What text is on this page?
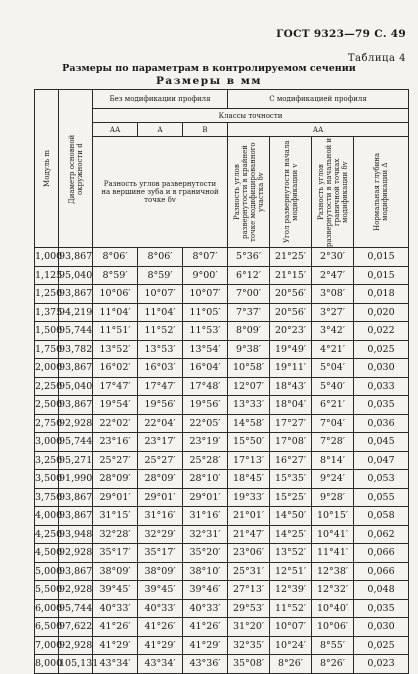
ГОСТ 9323—79 С. 49
Таблица 4
Размеры по параметрам в контролируемом сечении
Размеры в мм
Модуль m	Диаметр основной окружности d	Без модификации профиля			С модификацией профиля			
		Классы точности						
		АА	А	В	АА			
		Разность углов развернутости на вершине зуба и в граничной точке δv			Разность углов развернутости в крайней точке модифицированного участка δv	Угол развернутости начала модификации v	Разность углов развернутости в начальной и граничной точках модификации δv	Нормальная глубина модификации Δ

1,000	93,867	8°06′	8°06′	8°07′	5°36′	21°25′	2°30′	0,015
1,125	95,040	8°59′	8°59′	9°00′	6°12′	21°15′	2°47′	0,015
1,250	93,867	10°06′	10°07′	10°07′	7°00′	20°56′	3°08′	0,018
1,375	94,219	11°04′	11°04′	11°05′	7°37′	20°56′	3°27′	0,020
1,500	95,744	11°51′	11°52′	11°53′	8°09′	20°23′	3°42′	0,022
1,750	93,782	13°52′	13°53′	13°54′	9°38′	19°49′	4°21′	0,025
2,000	93,867	16°02′	16°03′	16°04′	10°58′	19°11′	5°04′	0,030
2,250	95,040	17°47′	17°47′	17°48′	12°07′	18°43′	5°40′	0,033
2,500	93,867	19°54′	19°56′	19°56′	13°33′	18°04′	6°21′	0,035
2,750	92,928	22°02′	22°04′	22°05′	14°58′	17°27′	7°04′	0,036
3,000	95,744	23°16′	23°17′	23°19′	15°50′	17°08′	7°28′	0,045
3,250	95,271	25°27′	25°27′	25°28′	17°13′	16°27′	8°14′	0,047
3,500	91,990	28°09′	28°09′	28°10′	18°45′	15°35′	9°24′	0,053
3,750	93,867	29°01′	29°01′	29°01′	19°33′	15°25′	9°28′	0,055
4,000	93,867	31°15′	31°16′	31°16′	21°01′	14°50′	10°15′	0,058
4,250	93,948	32°28′	32°29′	32°31′	21°47′	14°25′	10°41′	0,062
4,500	92,928	35°17′	35°17′	35°20′	23°06′	13°52′	11°41′	0,066
5,000	93,867	38°09′	38°09′	38°10′	25°31′	12°51′	12°38′	0,066
5,500	92,928	39°45′	39°45′	39°46′	27°13′	12°39′	12°32′	0,048
6,000	95,744	40°33′	40°33′	40°33′	29°53′	11°52′	10°40′	0,035
6,500	97,622	41°26′	41°26′	41°26′	31°20′	10°07′	10°06′	0,030
7,000	92,928	41°29′	41°29′	41°29′	32°35′	10°24′	8°55′	0,025
8,000	105,131	43°34′	43°34′	43°36′	35°08′	8°26′	8°26′	0,023
